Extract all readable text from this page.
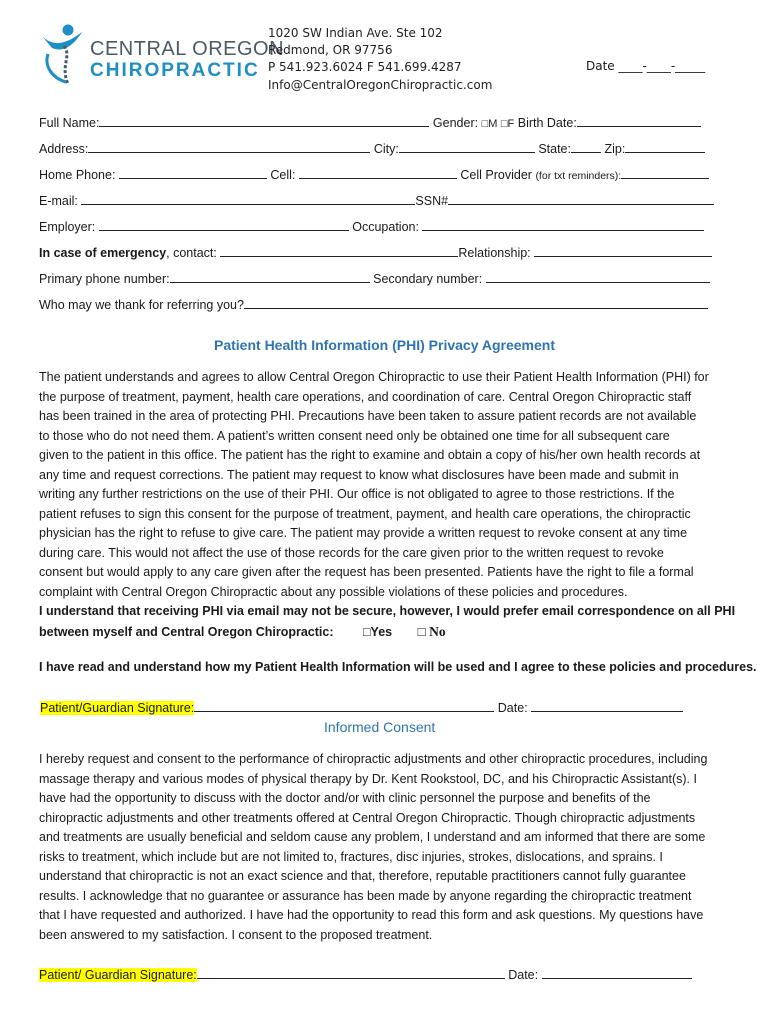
CENTRAL OREGON
CHIROPRACTIC
1020 SW Indian Ave. Ste 102
Redmond, OR 97756
P 541.923.6024 F 541.699.4287
Info@CentralOregonChiropractic.com
Date ____-____-_____
Full Name:	Gender: □M □F Birth Date:
Address:	City:	State:	Zip:
Home Phone:	Cell:	Cell Provider (for txt reminders):
E-mail:	SSN#
Employer:	Occupation:
In case of emergency, contact:	Relationship:
Primary phone number:	Secondary number:
Who may we thank for referring you?
Patient Health Information (PHI) Privacy Agreement
The patient understands and agrees to allow Central Oregon Chiropractic to use their Patient Health Information (PHI) for
the purpose of treatment, payment, health care operations, and coordination of care. Central Oregon Chiropractic staff
has been trained in the area of protecting PHI. Precautions have been taken to assure patient records are not available
to those who do not need them. A patient’s written consent need only be obtained one time for all subsequent care
given to the patient in this office. The patient has the right to examine and obtain a copy of his/her own health records at
any time and request corrections. The patient may request to know what disclosures have been made and submit in
writing any further restrictions on the use of their PHI. Our office is not obligated to agree to those restrictions. If the
patient refuses to sign this consent for the purpose of treatment, payment, and health care operations, the chiropractic
physician has the right to refuse to give care. The patient may provide a written request to revoke consent at any time
during care. This would not affect the use of those records for the care given prior to the written request to revoke
consent but would apply to any care given after the request has been presented. Patients have the right to file a formal
complaint with Central Oregon Chiropractic about any possible violations of these policies and procedures.
I understand that receiving PHI via email may not be secure, however, I would prefer email correspondence on all PHI
between myself and Central Oregon Chiropractic: □Yes □ No
I have read and understand how my Patient Health Information will be used and I agree to these policies and procedures.
Patient/Guardian Signature:	Date:
Informed Consent
I hereby request and consent to the performance of chiropractic adjustments and other chiropractic procedures, including
massage therapy and various modes of physical therapy by Dr. Kent Rookstool, DC, and his Chiropractic Assistant(s). I
have had the opportunity to discuss with the doctor and/or with clinic personnel the purpose and benefits of the
chiropractic adjustments and other treatments offered at Central Oregon Chiropractic. Though chiropractic adjustments
and treatments are usually beneficial and seldom cause any problem, I understand and am informed that there are some
risks to treatment, which include but are not limited to, fractures, disc injuries, strokes, dislocations, and sprains. I
understand that chiropractic is not an exact science and that, therefore, reputable practitioners cannot fully guarantee
results. I acknowledge that no guarantee or assurance has been made by anyone regarding the chiropractic treatment
that I have requested and authorized. I have had the opportunity to read this form and ask questions. My questions have
been answered to my satisfaction. I consent to the proposed treatment.
Patient/ Guardian Signature:	Date:
